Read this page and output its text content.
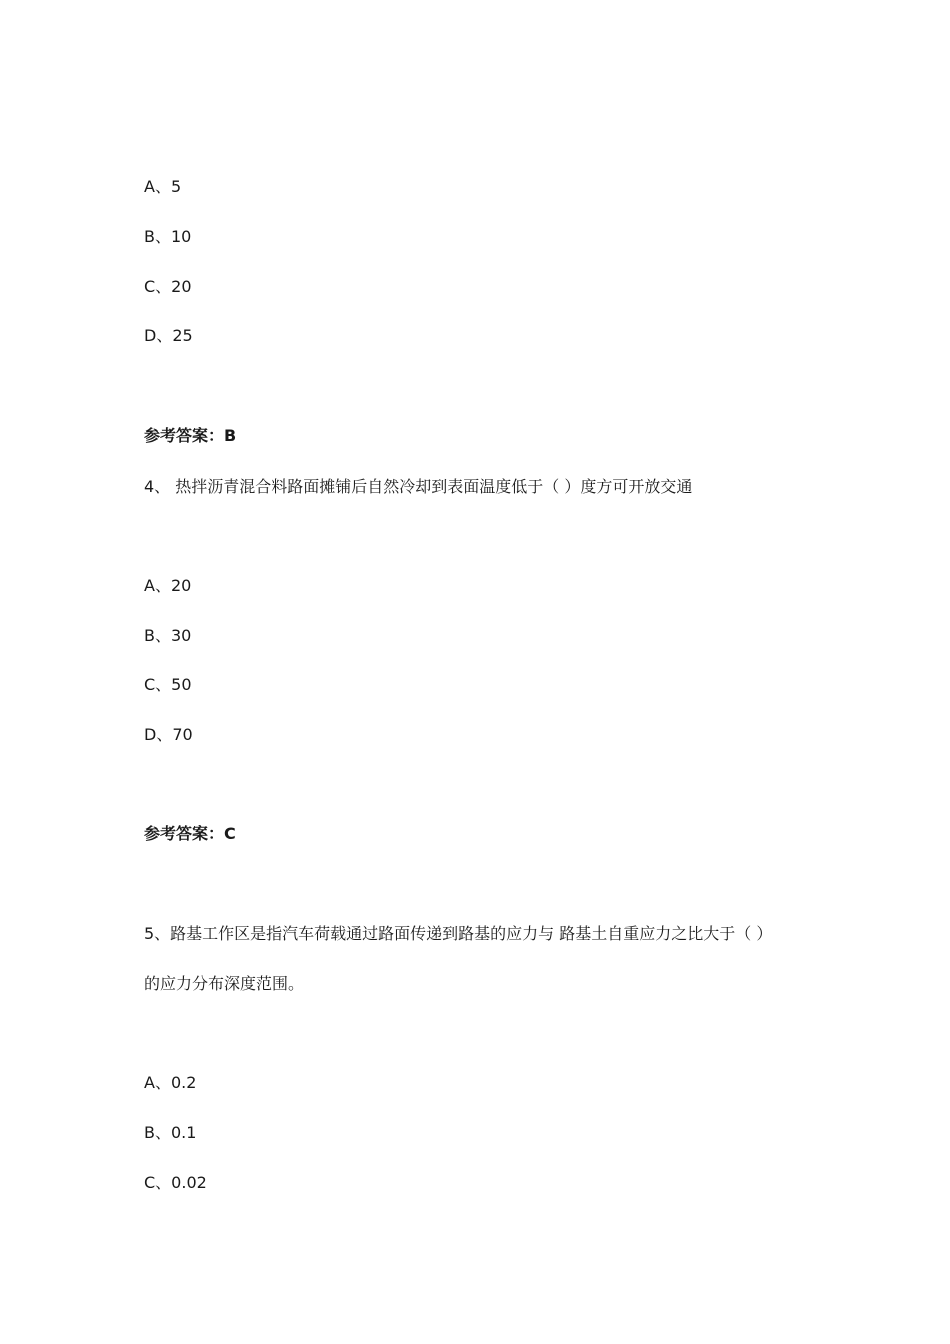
A、5
B、10
C、20
D、25
参考答案：B
4、 热拌沥青混合料路面摊铺后自然冷却到表面温度低于（ ）度方可开放交通
A、20
B、30
C、50
D、70
参考答案：C
5、路基工作区是指汽车荷载通过路面传递到路基的应力与 路基土自重应力之比大于（ ）
的应力分布深度范围。
A、0.2
B、0.1
C、0.02
